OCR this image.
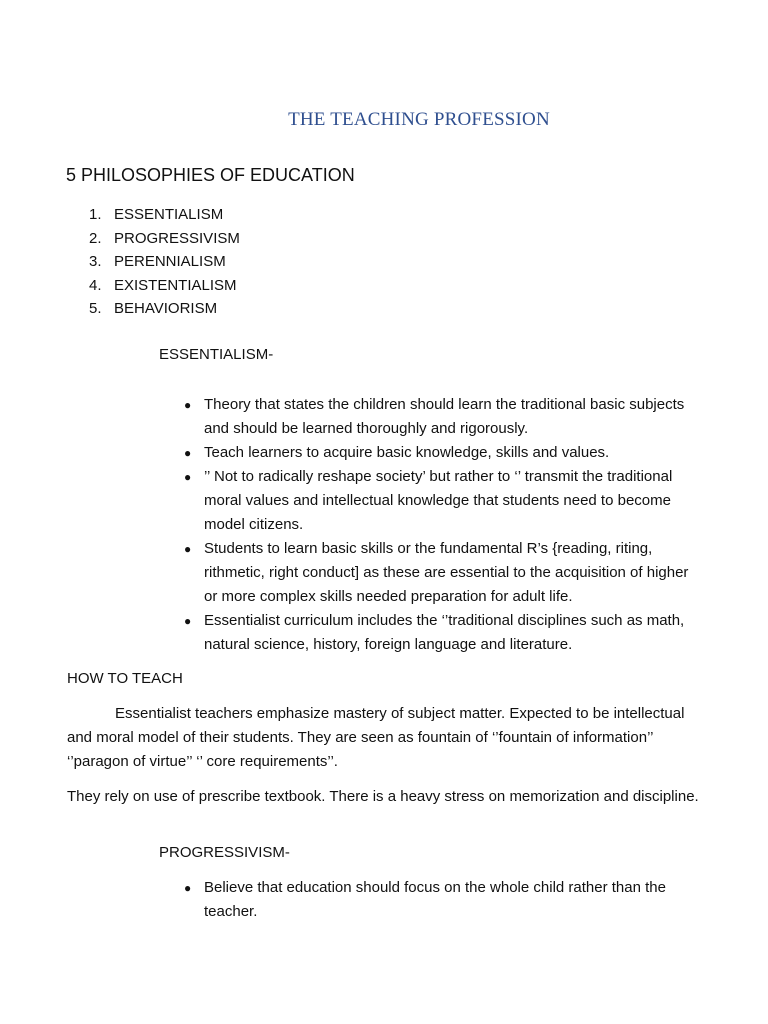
THE TEACHING PROFESSION
5 PHILOSOPHIES OF EDUCATION
1. ESSENTIALISM
2. PROGRESSIVISM
3. PERENNIALISM
4. EXISTENTIALISM
5. BEHAVIORISM
ESSENTIALISM-
● Theory that states the children should learn the traditional basic subjects and should be learned thoroughly and rigorously.
● Teach learners to acquire basic knowledge, skills and values.
● ’’ Not to radically reshape society’ but rather to ‘’ transmit the traditional moral values and intellectual knowledge that students need to become model citizens.
● Students to learn basic skills or the fundamental R’s {reading, riting, rithmetic, right conduct] as these are essential to the acquisition of higher or more complex skills needed preparation for adult life.
● Essentialist curriculum includes the ‘’traditional disciplines such as math, natural science, history, foreign language and literature.
HOW TO TEACH

Essentialist teachers emphasize mastery of subject matter. Expected to be intellectual and moral model of their students. They are seen as fountain of ‘’fountain of information’’ ‘’paragon of virtue’’ ‘’ core requirements’’.

They rely on use of prescribe textbook. There is a heavy stress on memorization and discipline.

PROGRESSIVISM-
● Believe that education should focus on the whole child rather than the teacher.
